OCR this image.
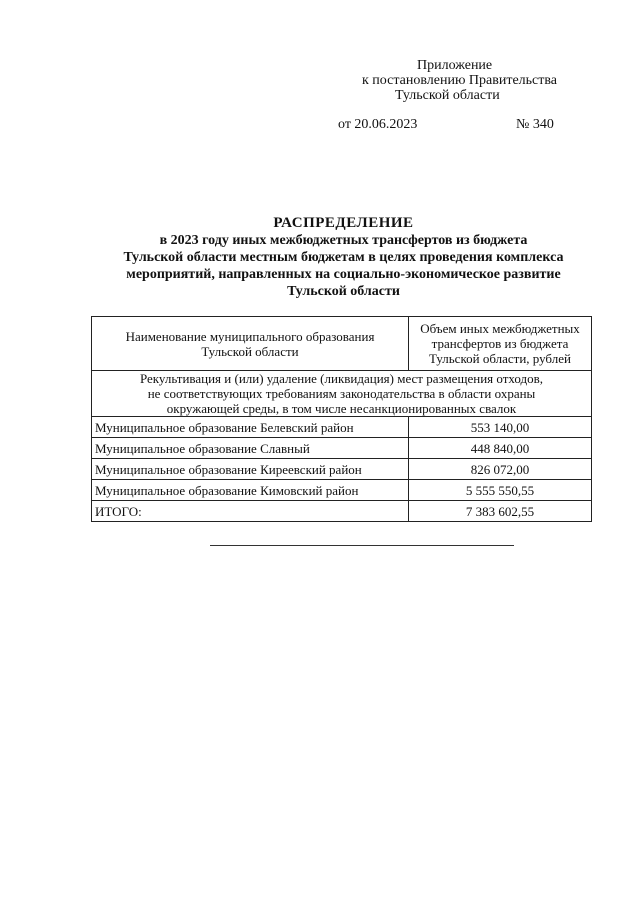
Приложение
к постановлению Правительства
Тульской области
от 20.06.2023	№ 340
РАСПРЕДЕЛЕНИЕ
в 2023 году иных межбюджетных трансфертов из бюджета
Тульской области местным бюджетам в целях проведения комплекса
мероприятий, направленных на социально-экономическое развитие
Тульской области
Наименование муниципального образования
Тульской области	Объем иных межбюджетных
трансфертов из бюджета
Тульской области, рублей

Рекультивация и (или) удаление (ликвидация) мест размещения отходов,
не соответствующих требованиям законодательства в области охраны
окружающей среды, в том числе несанкционированных свалок	

Муниципальное образование Белевский район	553 140,00
Муниципальное образование Славный	448 840,00
Муниципальное образование Киреевский район	826 072,00
Муниципальное образование Кимовский район	5 555 550,55
ИТОГО:	7 383 602,55
